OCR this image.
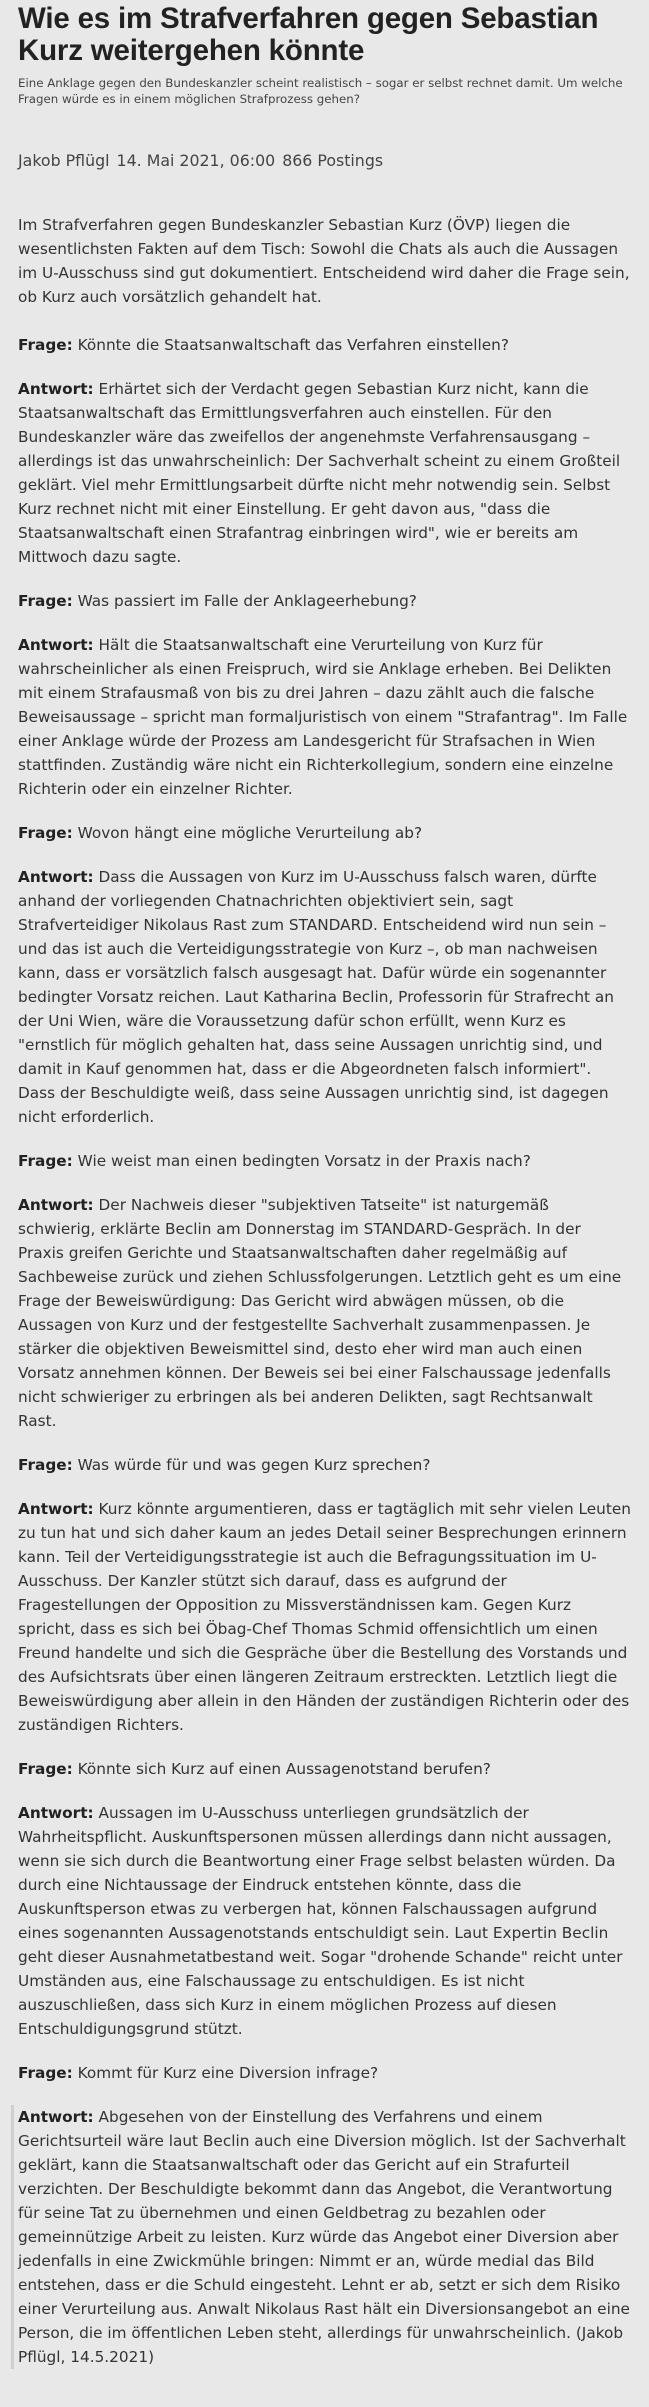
Wie es im Strafverfahren gegen Sebastian Kurz weitergehen könnte

Eine Anklage gegen den Bundeskanzler scheint realistisch – sogar er selbst rechnet damit. Um welche Fragen würde es in einem möglichen Strafprozess gehen?

Jakob Pflügl 14. Mai 2021, 06:00 866 Postings

Im Strafverfahren gegen Bundeskanzler Sebastian Kurz (ÖVP) liegen die wesentlichsten Fakten auf dem Tisch: Sowohl die Chats als auch die Aussagen im U-Ausschuss sind gut dokumentiert. Entscheidend wird daher die Frage sein, ob Kurz auch vorsätzlich gehandelt hat.

Frage: Könnte die Staatsanwaltschaft das Verfahren einstellen?

Antwort: Erhärtet sich der Verdacht gegen Sebastian Kurz nicht, kann die Staatsanwaltschaft das Ermittlungsverfahren auch einstellen. Für den Bundeskanzler wäre das zweifellos der angenehmste Verfahrensausgang – allerdings ist das unwahrscheinlich: Der Sachverhalt scheint zu einem Großteil geklärt. Viel mehr Ermittlungsarbeit dürfte nicht mehr notwendig sein. Selbst Kurz rechnet nicht mit einer Einstellung. Er geht davon aus, "dass die Staatsanwaltschaft einen Strafantrag einbringen wird", wie er bereits am Mittwoch dazu sagte.

Frage: Was passiert im Falle der Anklageerhebung?

Antwort: Hält die Staatsanwaltschaft eine Verurteilung von Kurz für wahrscheinlicher als einen Freispruch, wird sie Anklage erheben. Bei Delikten mit einem Strafausmaß von bis zu drei Jahren – dazu zählt auch die falsche Beweisaussage – spricht man formaljuristisch von einem "Strafantrag". Im Falle einer Anklage würde der Prozess am Landesgericht für Strafsachen in Wien stattfinden. Zuständig wäre nicht ein Richterkollegium, sondern eine einzelne Richterin oder ein einzelner Richter.

Frage: Wovon hängt eine mögliche Verurteilung ab?

Antwort: Dass die Aussagen von Kurz im U-Ausschuss falsch waren, dürfte anhand der vorliegenden Chatnachrichten objektiviert sein, sagt Strafverteidiger Nikolaus Rast zum STANDARD. Entscheidend wird nun sein – und das ist auch die Verteidigungsstrategie von Kurz –, ob man nachweisen kann, dass er vorsätzlich falsch ausgesagt hat. Dafür würde ein sogenannter bedingter Vorsatz reichen. Laut Katharina Beclin, Professorin für Strafrecht an der Uni Wien, wäre die Voraussetzung dafür schon erfüllt, wenn Kurz es "ernstlich für möglich gehalten hat, dass seine Aussagen unrichtig sind, und damit in Kauf genommen hat, dass er die Abgeordneten falsch informiert". Dass der Beschuldigte weiß, dass seine Aussagen unrichtig sind, ist dagegen nicht erforderlich.

Frage: Wie weist man einen bedingten Vorsatz in der Praxis nach?

Antwort: Der Nachweis dieser "subjektiven Tatseite" ist naturgemäß schwierig, erklärte Beclin am Donnerstag im STANDARD-Gespräch. In der Praxis greifen Gerichte und Staatsanwaltschaften daher regelmäßig auf Sachbeweise zurück und ziehen Schlussfolgerungen. Letztlich geht es um eine Frage der Beweiswürdigung: Das Gericht wird abwägen müssen, ob die Aussagen von Kurz und der festgestellte Sachverhalt zusammenpassen. Je stärker die objektiven Beweismittel sind, desto eher wird man auch einen Vorsatz annehmen können. Der Beweis sei bei einer Falschaussage jedenfalls nicht schwieriger zu erbringen als bei anderen Delikten, sagt Rechtsanwalt Rast.

Frage: Was würde für und was gegen Kurz sprechen?

Antwort: Kurz könnte argumentieren, dass er tagtäglich mit sehr vielen Leuten zu tun hat und sich daher kaum an jedes Detail seiner Besprechungen erinnern kann. Teil der Verteidigungsstrategie ist auch die Befragungssituation im U-Ausschuss. Der Kanzler stützt sich darauf, dass es aufgrund der Fragestellungen der Opposition zu Missverständnissen kam. Gegen Kurz spricht, dass es sich bei Öbag-Chef Thomas Schmid offensichtlich um einen Freund handelte und sich die Gespräche über die Bestellung des Vorstands und des Aufsichtsrats über einen längeren Zeitraum erstreckten. Letztlich liegt die Beweiswürdigung aber allein in den Händen der zuständigen Richterin oder des zuständigen Richters.

Frage: Könnte sich Kurz auf einen Aussagenotstand berufen?

Antwort: Aussagen im U-Ausschuss unterliegen grundsätzlich der Wahrheitspflicht. Auskunftspersonen müssen allerdings dann nicht aussagen, wenn sie sich durch die Beantwortung einer Frage selbst belasten würden. Da durch eine Nichtaussage der Eindruck entstehen könnte, dass die Auskunftsperson etwas zu verbergen hat, können Falschaussagen aufgrund eines sogenannten Aussagenotstands entschuldigt sein. Laut Expertin Beclin geht dieser Ausnahmetatbestand weit. Sogar "drohende Schande" reicht unter Umständen aus, eine Falschaussage zu entschuldigen. Es ist nicht auszuschließen, dass sich Kurz in einem möglichen Prozess auf diesen Entschuldigungsgrund stützt.

Frage: Kommt für Kurz eine Diversion infrage?

Antwort: Abgesehen von der Einstellung des Verfahrens und einem Gerichtsurteil wäre laut Beclin auch eine Diversion möglich. Ist der Sachverhalt geklärt, kann die Staatsanwaltschaft oder das Gericht auf ein Strafurteil verzichten. Der Beschuldigte bekommt dann das Angebot, die Verantwortung für seine Tat zu übernehmen und einen Geldbetrag zu bezahlen oder gemeinnützige Arbeit zu leisten. Kurz würde das Angebot einer Diversion aber jedenfalls in eine Zwickmühle bringen: Nimmt er an, würde medial das Bild entstehen, dass er die Schuld eingesteht. Lehnt er ab, setzt er sich dem Risiko einer Verurteilung aus. Anwalt Nikolaus Rast hält ein Diversionsangebot an eine Person, die im öffentlichen Leben steht, allerdings für unwahrscheinlich. (Jakob Pflügl, 14.5.2021)
